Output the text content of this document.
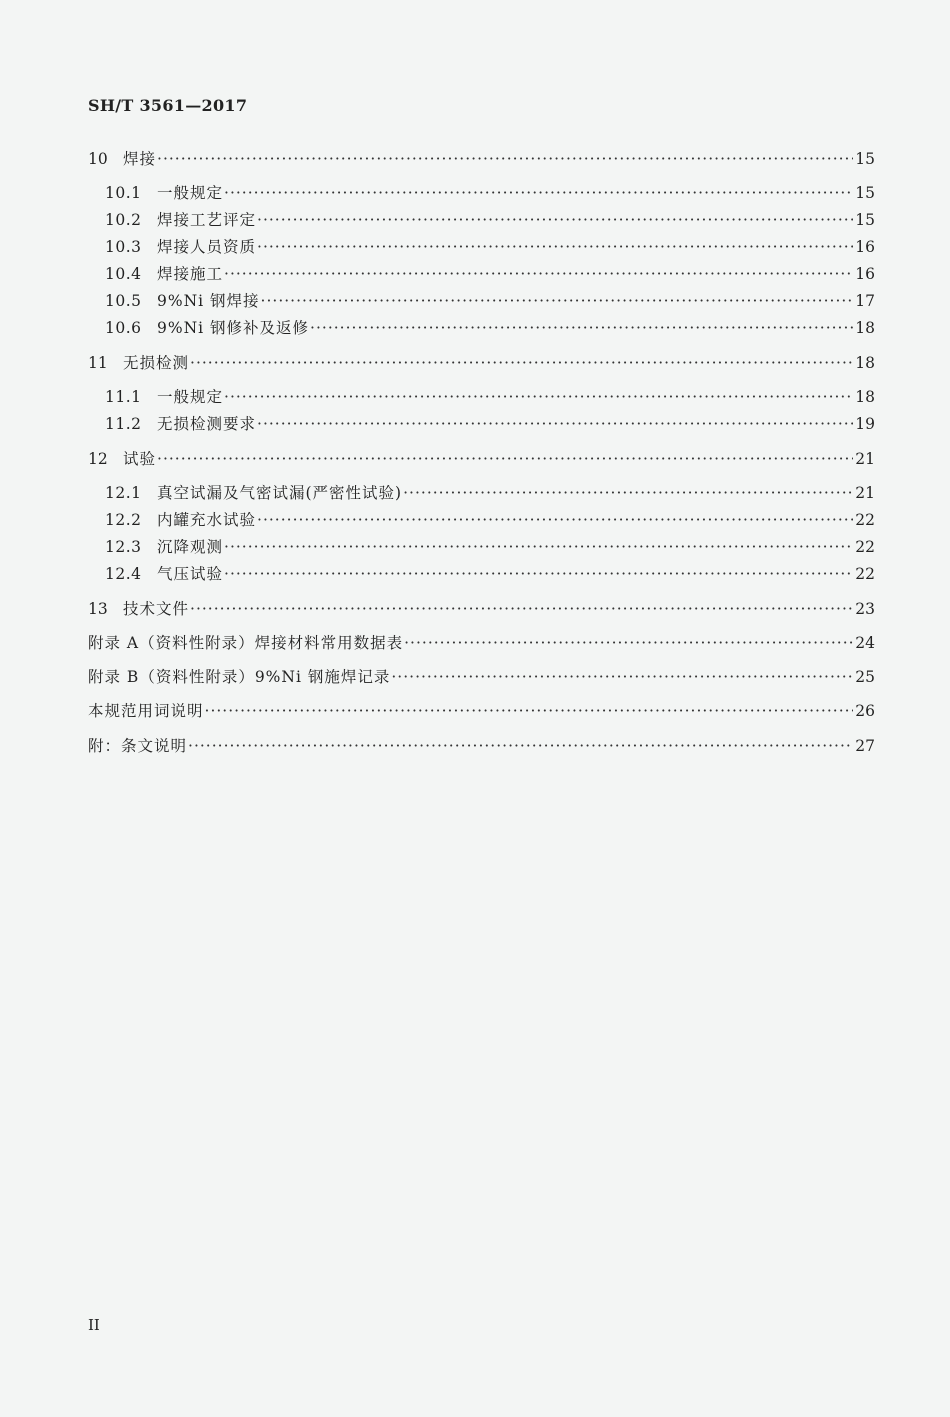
SH/T 3561—2017
10 焊接 ·····	15
10.1 一般规定 ·····	15
10.2 焊接工艺评定 ·····	15
10.3 焊接人员资质 ·····	16
10.4 焊接施工 ·····	16
10.5 9%Ni 钢焊接 ·····	17
10.6 9%Ni 钢修补及返修 ·····	18
11 无损检测 ·····	18
11.1 一般规定 ·····	18
11.2 无损检测要求 ·····	19
12 试验 ·····	21
12.1 真空试漏及气密试漏(严密性试验) ·····	21
12.2 内罐充水试验 ·····	22
12.3 沉降观测 ·····	22
12.4 气压试验 ·····	22
13 技术文件 ·····	23
附录 A（资料性附录）焊接材料常用数据表 ·····	24
附录 B（资料性附录）9%Ni 钢施焊记录 ·····	25
本规范用词说明 ·····	26
附：条文说明 ·····	27
II
